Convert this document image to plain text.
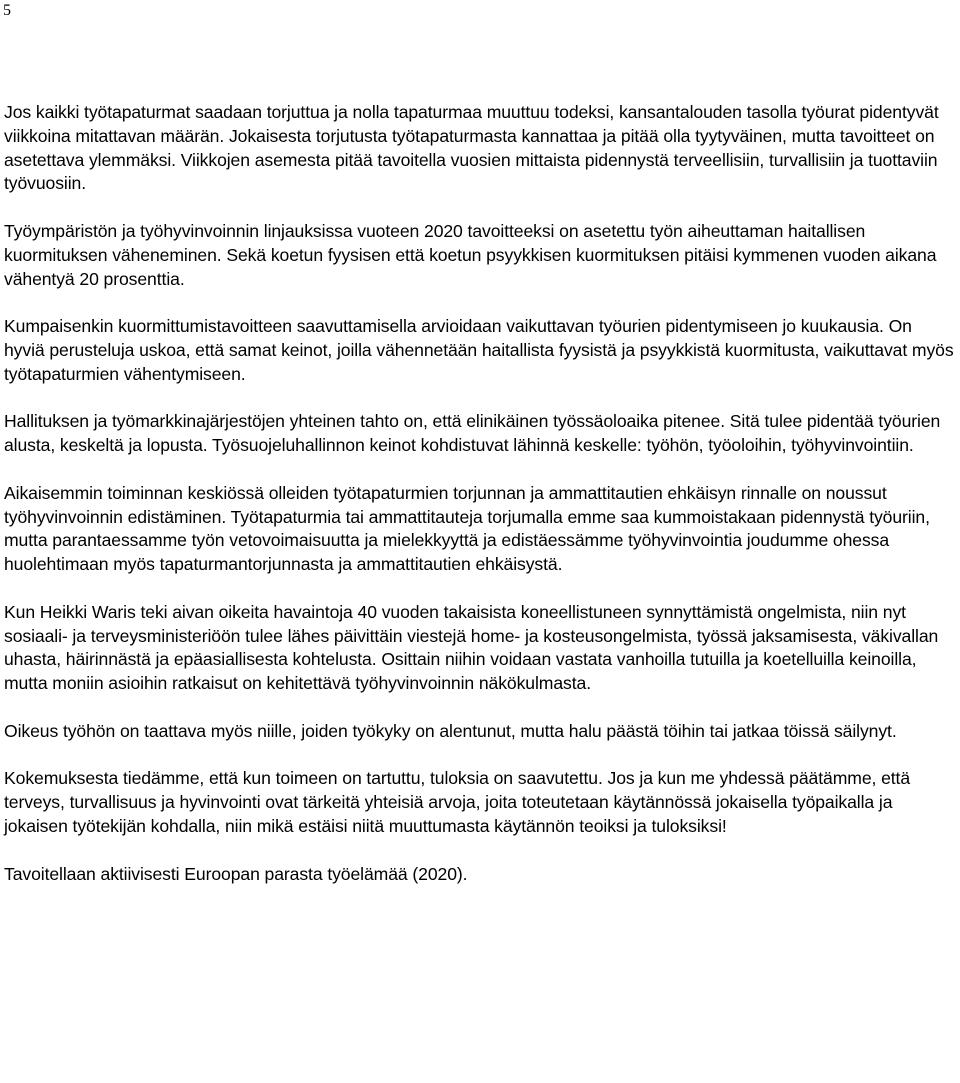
5

Jos kaikki työtapaturmat saadaan torjuttua ja nolla tapaturmaa muuttuu todeksi, kansantalouden tasolla työurat pidentyvät viikkoina mitattavan määrän. Jokaisesta torjutusta työtapaturmasta kannattaa ja pitää olla tyytyväinen, mutta tavoitteet on asetettava ylemmäksi. Viikkojen asemesta pitää tavoitella vuosien mittaista pidennystä terveellisiin, turvallisiin ja tuottaviin työvuosiin.

Työympäristön ja työhyvinvoinnin linjauksissa vuoteen 2020 tavoitteeksi on asetettu työn aiheuttaman haitallisen kuormituksen väheneminen. Sekä koetun fyysisen että koetun psyykkisen kuormituksen pitäisi kymmenen vuoden aikana vähentyä 20 prosenttia.

Kumpaisenkin kuormittumistavoitteen saavuttamisella arvioidaan vaikuttavan työurien pidentymiseen jo kuukausia. On hyviä perusteluja uskoa, että samat keinot, joilla vähennetään haitallista fyysistä ja psyykkistä kuormitusta, vaikuttavat myös työtapaturmien vähentymiseen.

Hallituksen ja työmarkkinajärjestöjen yhteinen tahto on, että elinikäinen työssäoloaika pitenee. Sitä tulee pidentää työurien alusta, keskeltä ja lopusta. Työsuojeluhallinnon keinot kohdistuvat lähinnä keskelle: työhön, työoloihin, työhyvinvointiin.

Aikaisemmin toiminnan keskiössä olleiden työtapaturmien torjunnan ja ammattitautien ehkäisyn rinnalle on noussut työhyvinvoinnin edistäminen. Työtapaturmia tai ammattitauteja torjumalla emme saa kummoistakaan pidennystä työuriin, mutta parantaessamme työn vetovoimaisuutta ja mielekkyyttä ja edistäessämme työhyvinvointia joudumme ohessa huolehtimaan myös tapaturmantorjunnasta ja ammattitautien ehkäisystä.

Kun Heikki Waris teki aivan oikeita havaintoja 40 vuoden takaisista koneellistuneen synnyttämistä ongelmista, niin nyt sosiaali- ja terveysministeriöön tulee lähes päivittäin viestejä home- ja kosteusongelmista, työssä jaksamisesta, väkivallan uhasta, häirinnästä ja epäasiallisesta kohtelusta. Osittain niihin voidaan vastata vanhoilla tutuilla ja koetelluilla keinoilla, mutta moniin asioihin ratkaisut on kehitettävä työhyvinvoinnin näkökulmasta.

Oikeus työhön on taattava myös niille, joiden työkyky on alentunut, mutta halu päästä töihin tai jatkaa töissä säilynyt.

Kokemuksesta tiedämme, että kun toimeen on tartuttu, tuloksia on saavutettu. Jos ja kun me yhdessä päätämme, että terveys, turvallisuus ja hyvinvointi ovat tärkeitä yhteisiä arvoja, joita toteutetaan käytännössä jokaisella työpaikalla ja jokaisen työtekijän kohdalla, niin mikä estäisi niitä muuttumasta käytännön teoiksi ja tuloksiksi!

Tavoitellaan aktiivisesti Euroopan parasta työelämää (2020).
